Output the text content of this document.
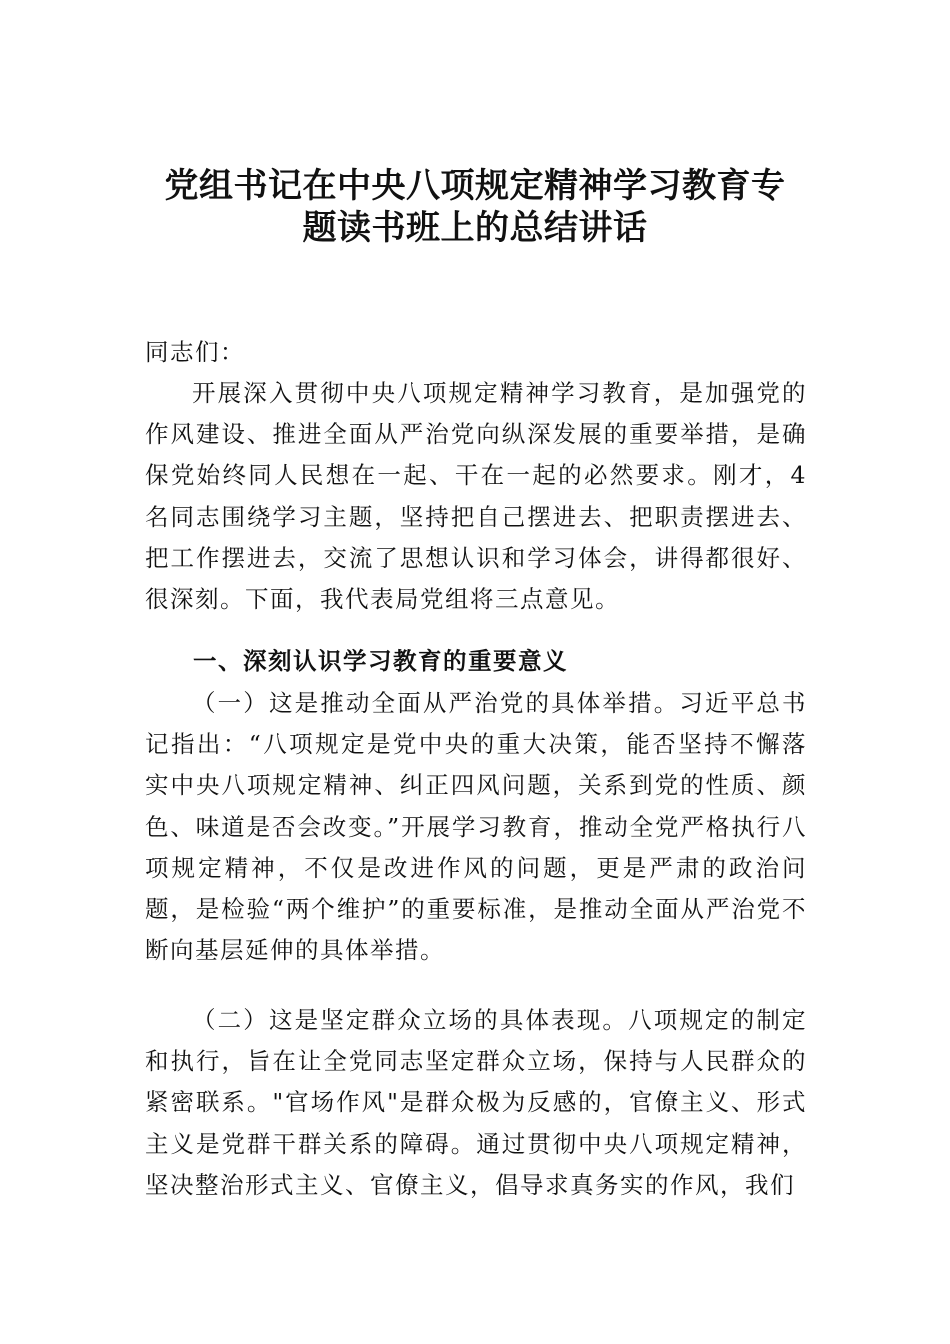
党组书记在中央八项规定精神学习教育专
题读书班上的总结讲话
同志们：
开展深入贯彻中央八项规定精神学习教育，是加强党的作风建设、推进全面从严治党向纵深发展的重要举措，是确保党始终同人民想在一起、干在一起的必然要求。刚才，4名同志围绕学习主题，坚持把自己摆进去、把职责摆进去、把工作摆进去，交流了思想认识和学习体会，讲得都很好、很深刻。下面，我代表局党组将三点意见。
一、深刻认识学习教育的重要意义
（一）这是推动全面从严治党的具体举措。习近平总书记指出：“八项规定是党中央的重大决策，能否坚持不懈落实中央八项规定精神、纠正四风问题，关系到党的性质、颜色、味道是否会改变。”开展学习教育，推动全党严格执行八项规定精神，不仅是改进作风的问题，更是严肃的政治问题，是检验“两个维护”的重要标准，是推动全面从严治党不断向基层延伸的具体举措。
（二）这是坚定群众立场的具体表现。八项规定的制定和执行，旨在让全党同志坚定群众立场，保持与人民群众的紧密联系。"官场作风"是群众极为反感的，官僚主义、形式主义是党群干群关系的障碍。通过贯彻中央八项规定精神，坚决整治形式主义、官僚主义，倡导求真务实的作风，我们
